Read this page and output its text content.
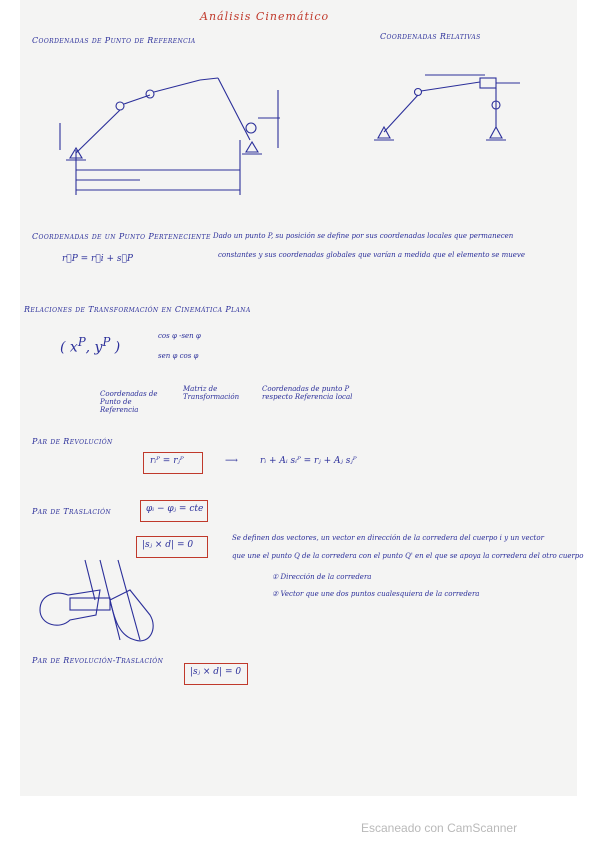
Análisis Cinemático
Coordenadas de Punto de Referencia	Coordenadas Relativas
Coordenadas de un Punto Perteneciente Dado un punto P, su posición se define por sus coordenadas locales que permanecen
constantes y sus coordenadas globales que varían a medida que el elemento se mueve
r⃗P = r⃗i + s⃗P
Relaciones de Transformación en Cinemática Plana
( $x^P$, $y^P$ )
cos φ -sen φ
sen φ cos φ
Coordenadas de Punto de Referencia
Matriz de Transformación
Coordenadas de punto P respecto Referencia local
Par de Revolución
rᵢᴾ = rⱼᴾ	⟶ rᵢ + Aᵢ sᵢᴾ = rⱼ + Aⱼ sⱼᴾ
Par de Traslación	φᵢ − φⱼ = cte
|sⱼ × d| = 0
Se definen dos vectores, un vector en dirección de la corredera del cuerpo i y un vector
que une el punto Q de la corredera con el punto Q' en el que se apoya la corredera del otro cuerpo
① Dirección de la corredera
② Vector que une dos puntos cualesquiera de la corredera
Par de Revolución-Traslación
|sⱼ × d| = 0
Escaneado con CamScanner
